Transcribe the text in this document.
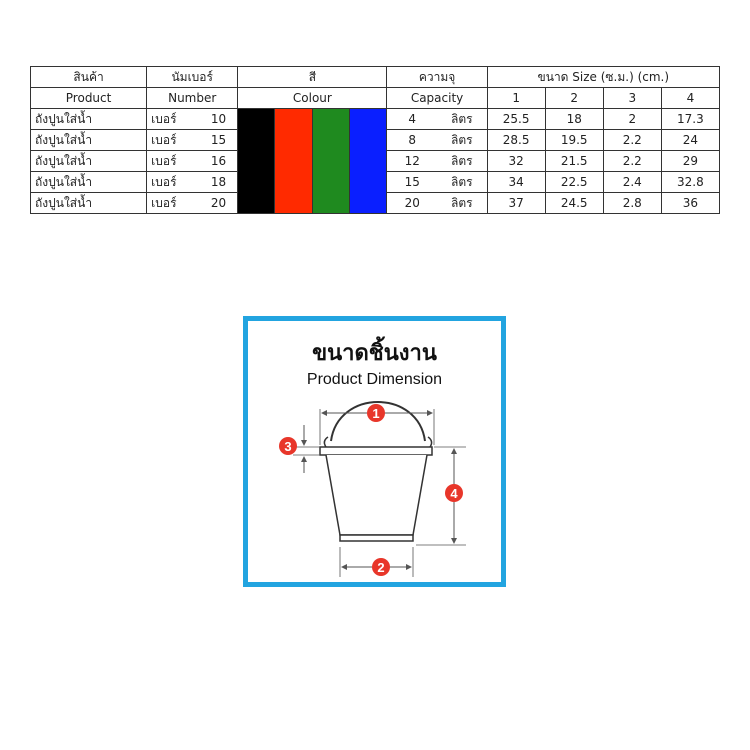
สินค้า	นัมเบอร์		สี				ความจุ		ขนาด Size (ซ.ม.) (cm.)			
Product	Number		Colour				Capacity		1	2	3	4
ถังปูนใส่น้ำ	เบอร์	10					4	ลิตร	25.5	18	2	17.3
ถังปูนใส่น้ำ	เบอร์	15					8	ลิตร	28.5	19.5	2.2	24
ถังปูนใส่น้ำ	เบอร์	16					12	ลิตร	32	21.5	2.2	29
ถังปูนใส่น้ำ	เบอร์	18					15	ลิตร	34	22.5	2.4	32.8
ถังปูนใส่น้ำ	เบอร์	20					20	ลิตร	37	24.5	2.8	36
ขนาดชิ้นงาน
Product Dimension
1
2
3
4
